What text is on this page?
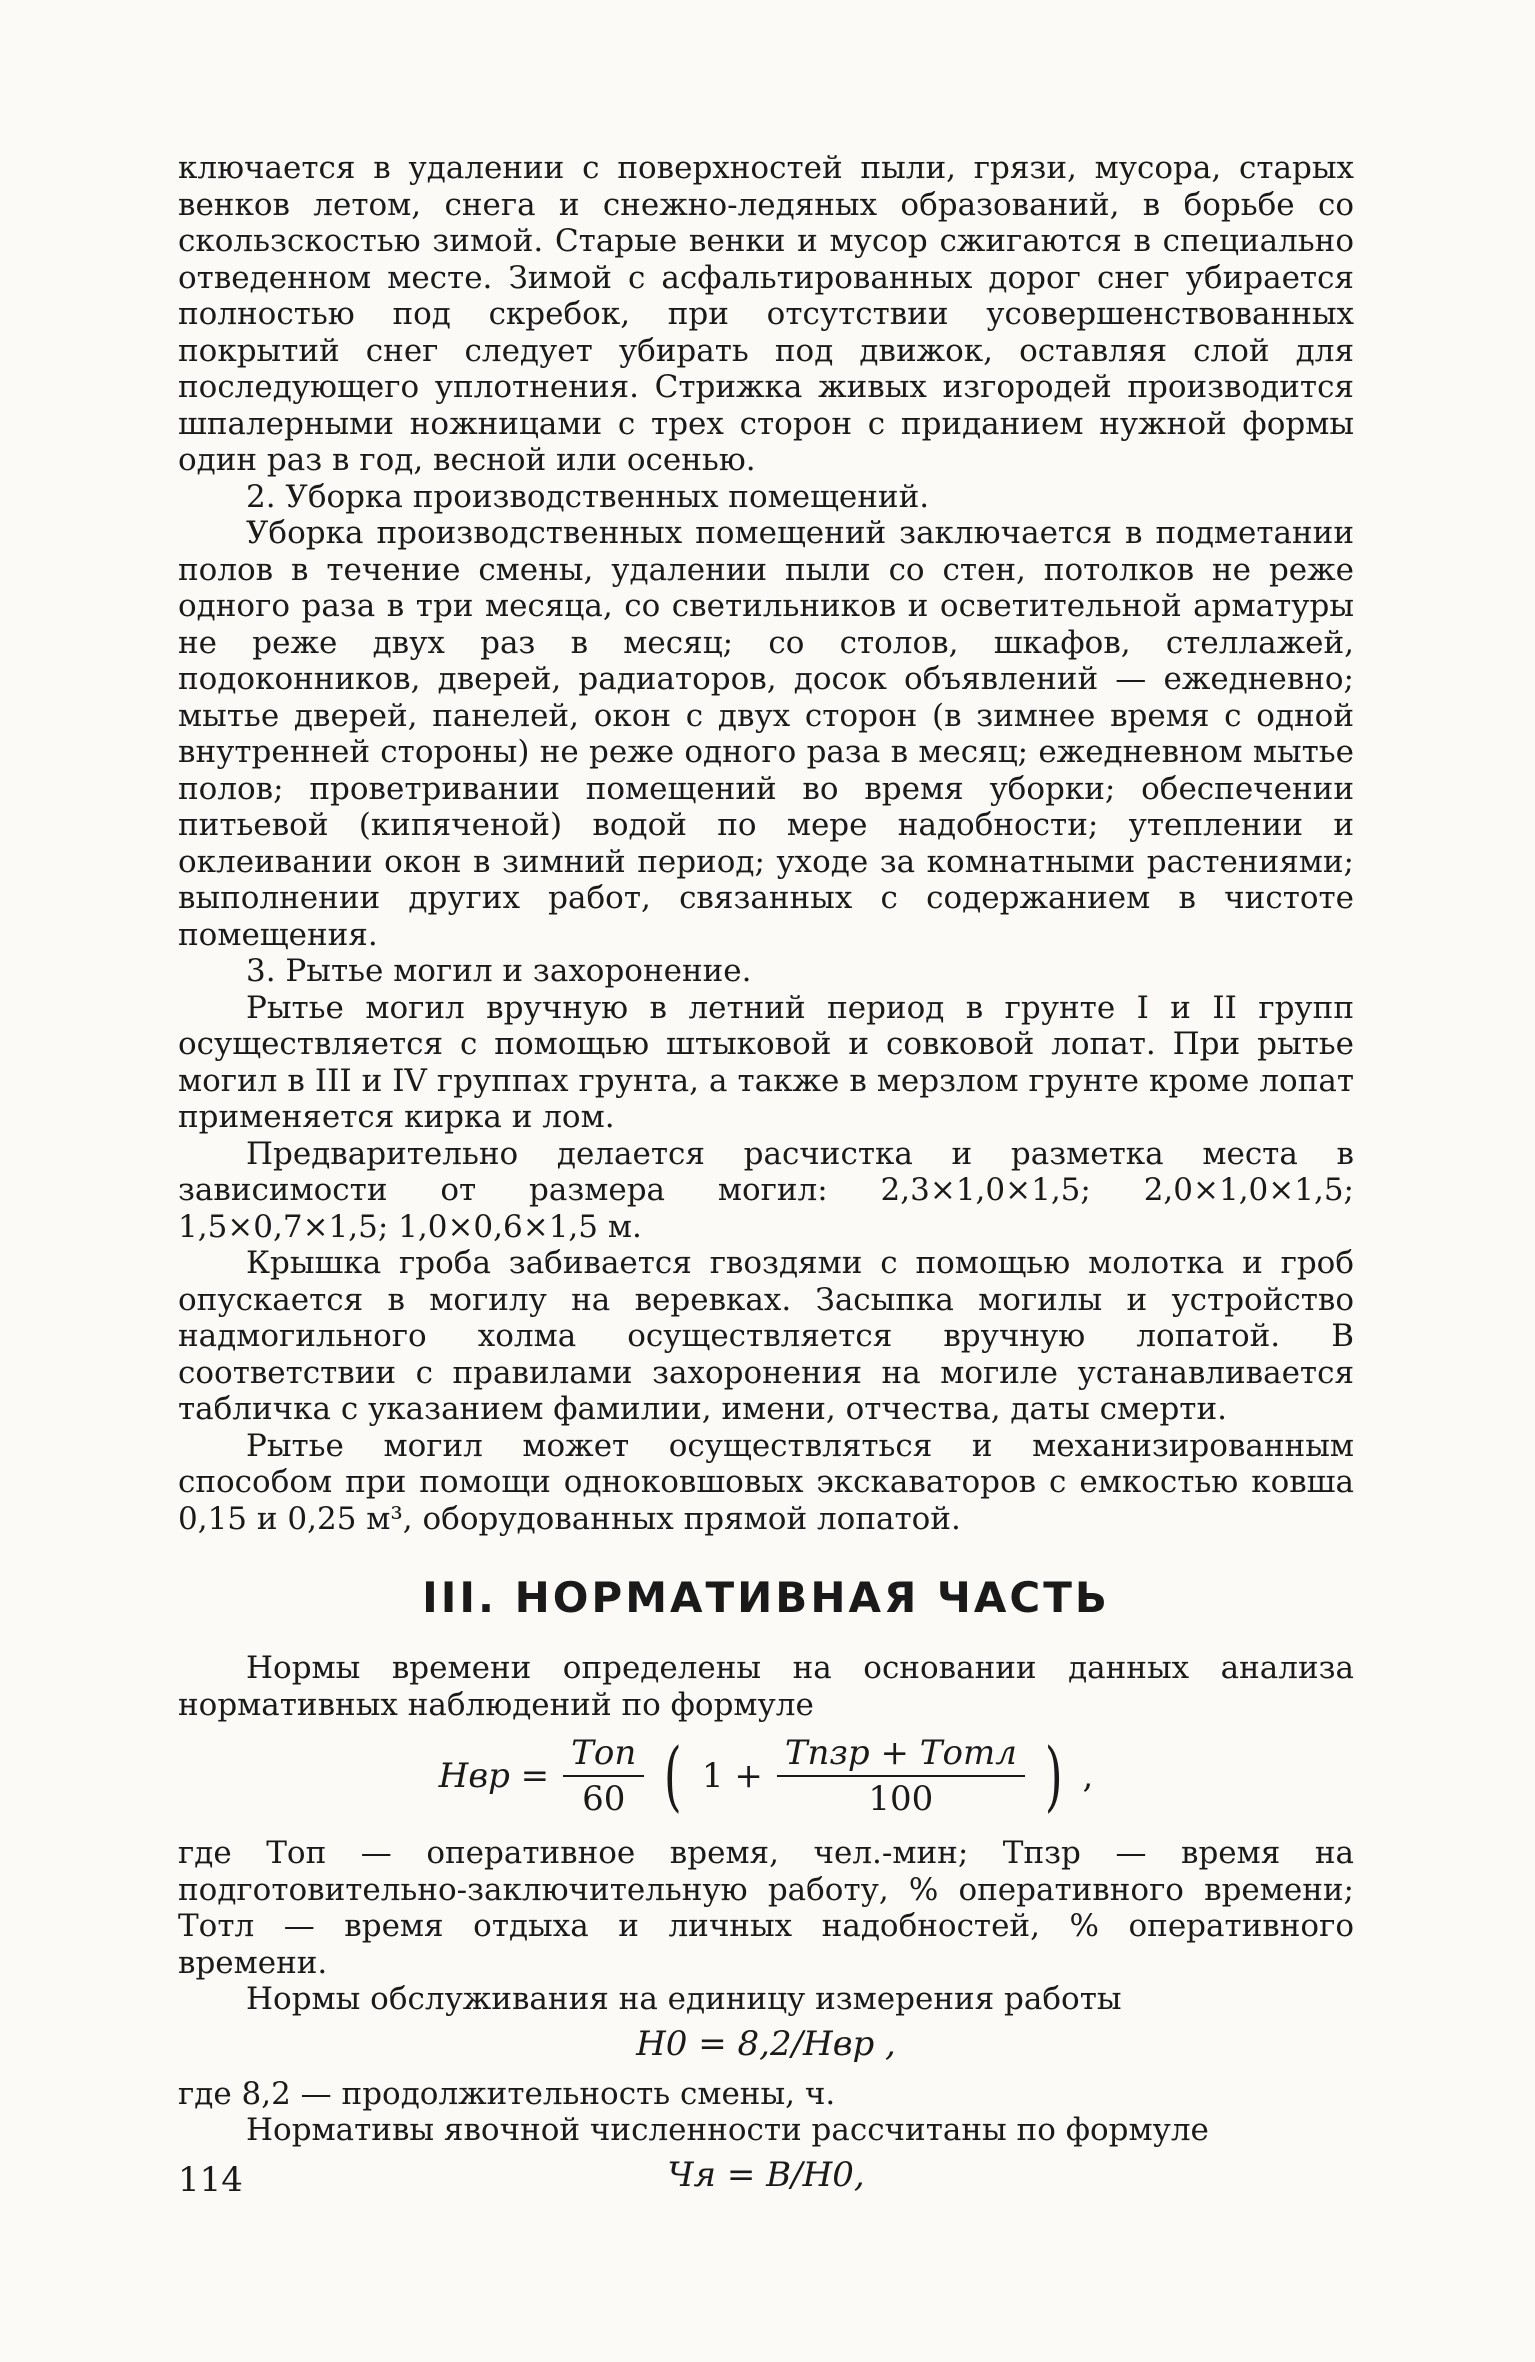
ключается в удалении с поверхностей пыли, грязи, мусора, старых венков летом, снега и снежно-ледяных образований, в борьбе со скользскостью зимой. Старые венки и мусор сжигаются в специально отведенном месте. Зимой с асфальтированных дорог снег убирается полностью под скребок, при отсутствии усовершенствованных покрытий снег следует убирать под движок, оставляя слой для последующего уплотнения. Стрижка живых изгородей производится шпалерными ножницами с трех сторон с приданием нужной формы один раз в год, весной или осенью.

2. Уборка производственных помещений.

Уборка производственных помещений заключается в подметании полов в течение смены, удалении пыли со стен, потолков не реже одного раза в три месяца, со светильников и осветительной арматуры не реже двух раз в месяц; со столов, шкафов, стеллажей, подоконников, дверей, радиаторов, досок объявлений — ежедневно; мытье дверей, панелей, окон с двух сторон (в зимнее время с одной внутренней стороны) не реже одного раза в месяц; ежедневном мытье полов; проветривании помещений во время уборки; обеспечении питьевой (кипяченой) водой по мере надобности; утеплении и оклеивании окон в зимний период; уходе за комнатными растениями; выполнении других работ, связанных с содержанием в чистоте помещения.

3. Рытье могил и захоронение.

Рытье могил вручную в летний период в грунте I и II групп осуществляется с помощью штыковой и совковой лопат. При рытье могил в III и IV группах грунта, а также в мерзлом грунте кроме лопат применяется кирка и лом.

Предварительно делается расчистка и разметка места в зависимости от размера могил: 2,3×1,0×1,5; 2,0×1,0×1,5; 1,5×0,7×1,5; 1,0×0,6×1,5 м.

Крышка гроба забивается гвоздями с помощью молотка и гроб опускается в могилу на веревках. Засыпка могилы и устройство надмогильного холма осуществляется вручную лопатой. В соответствии с правилами захоронения на могиле устанавливается табличка с указанием фамилии, имени, отчества, даты смерти.

Рытье могил может осуществляться и механизированным способом при помощи одноковшовых экскаваторов с емкостью ковша 0,15 и 0,25 м³, оборудованных прямой лопатой.

III. НОРМАТИВНАЯ ЧАСТЬ

Нормы времени определены на основании данных анализа нормативных наблюдений по формуле

Hвр = $\frac{\text{Tоп}}{60}$ ( $1 + \frac{\text{Tпзр + Tотл}}{100}$ ) ,

где Tоп — оперативное время, чел.-мин; Tпзр — время на подготовительно-заключительную работу, % оперативного времени; Tотл — время отдыха и личных надобностей, % оперативного времени.

Нормы обслуживания на единицу измерения работы

H0 = 8,2/Hвр ,

где 8,2 — продолжительность смены, ч.

Нормативы явочной численности рассчитаны по формуле

Чя = B/H0,
114
